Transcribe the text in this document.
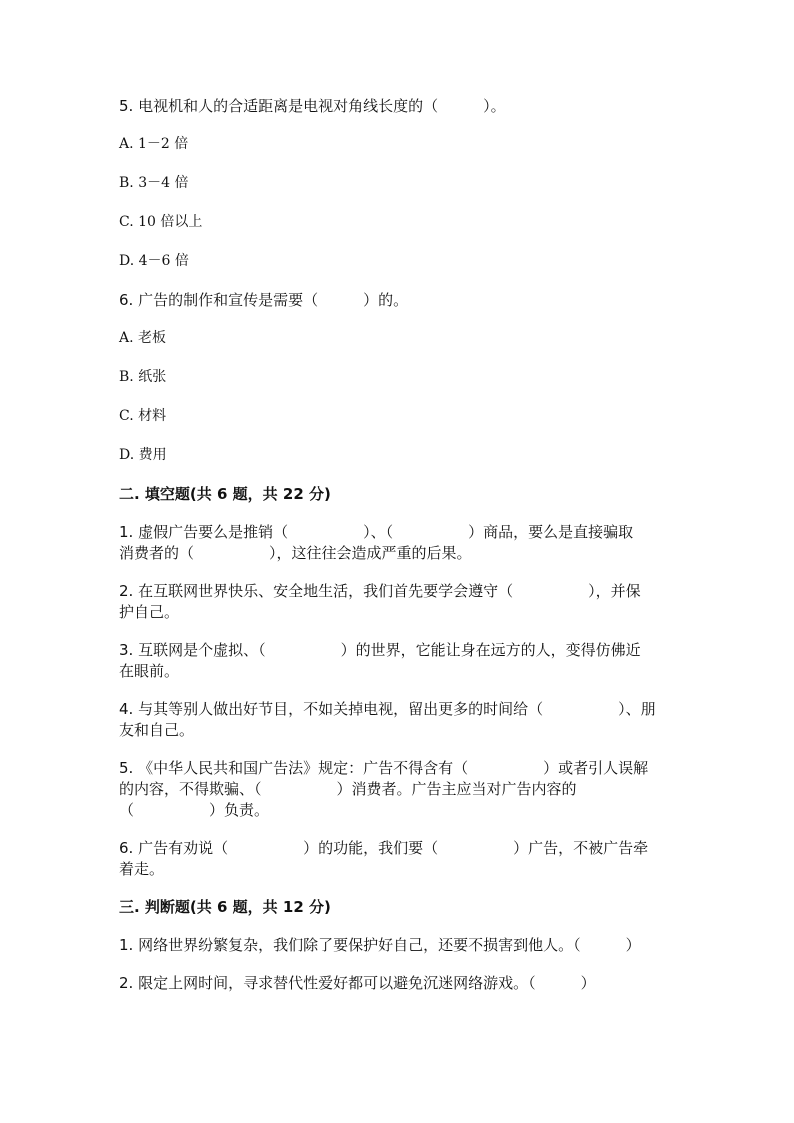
5. 电视机和人的合适距离是电视对角线长度的（　　　）。
A. 1－2 倍
B. 3－4 倍
C. 10 倍以上
D. 4－6 倍
6. 广告的制作和宣传是需要（　　　）的。
A. 老板
B. 纸张
C. 材料
D. 费用
二. 填空题(共 6 题，共 22 分)
1. 虚假广告要么是推销（　　　　　）、（　　　　　）商品，要么是直接骗取
消费者的（　　　　　），这往往会造成严重的后果。
2. 在互联网世界快乐、安全地生活，我们首先要学会遵守（　　　　　），并保
护自己。
3. 互联网是个虚拟、（　　　　　）的世界，它能让身在远方的人，变得仿佛近
在眼前。
4. 与其等别人做出好节目，不如关掉电视，留出更多的时间给（　　　　　）、朋
友和自己。
5. 《中华人民共和国广告法》规定：广告不得含有（　　　　　）或者引人误解
的内容，不得欺骗、（　　　　　）消费者。广告主应当对广告内容的
（　　　　　）负责。
6. 广告有劝说（　　　　　）的功能，我们要（　　　　　）广告，不被广告牵
着走。
三. 判断题(共 6 题，共 12 分)
1. 网络世界纷繁复杂，我们除了要保护好自己，还要不损害到他人。（　　　）
2. 限定上网时间，寻求替代性爱好都可以避免沉迷网络游戏。（　　　）
